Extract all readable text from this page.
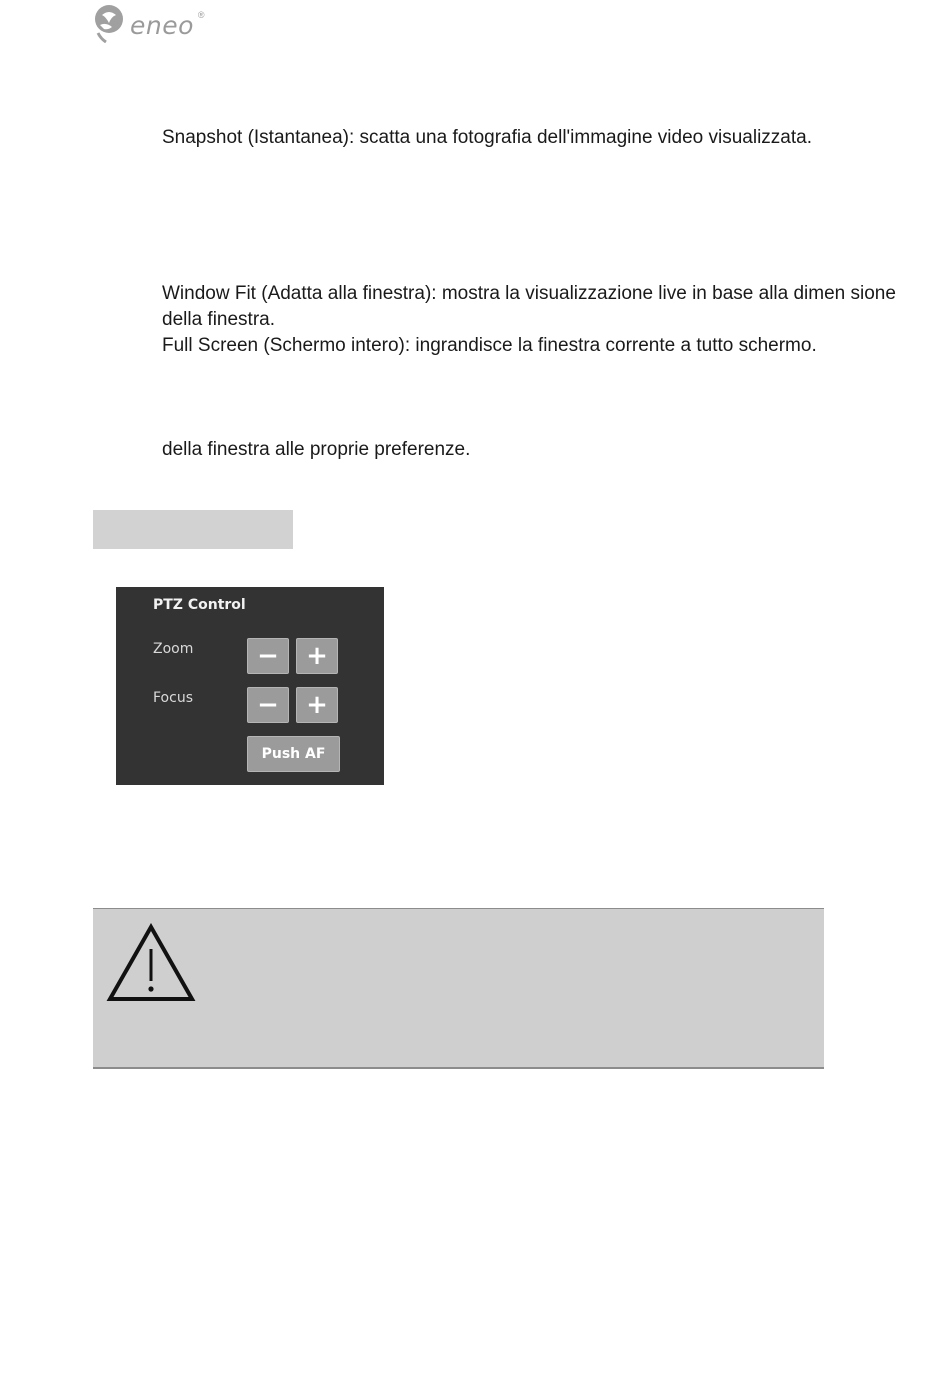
eneo ®

Snapshot (Istantanea): scatta una fotografia dell'immagine video visualizzata.

Window Fit (Adatta alla finestra): mostra la visualizzazione live in base alla dimen sione della finestra.

Full Screen (Schermo intero): ingrandisce la finestra corrente a tutto schermo.

della finestra alle proprie preferenze.

PTZ Control
Zoom	−	+
Focus	−	+
Push AF
